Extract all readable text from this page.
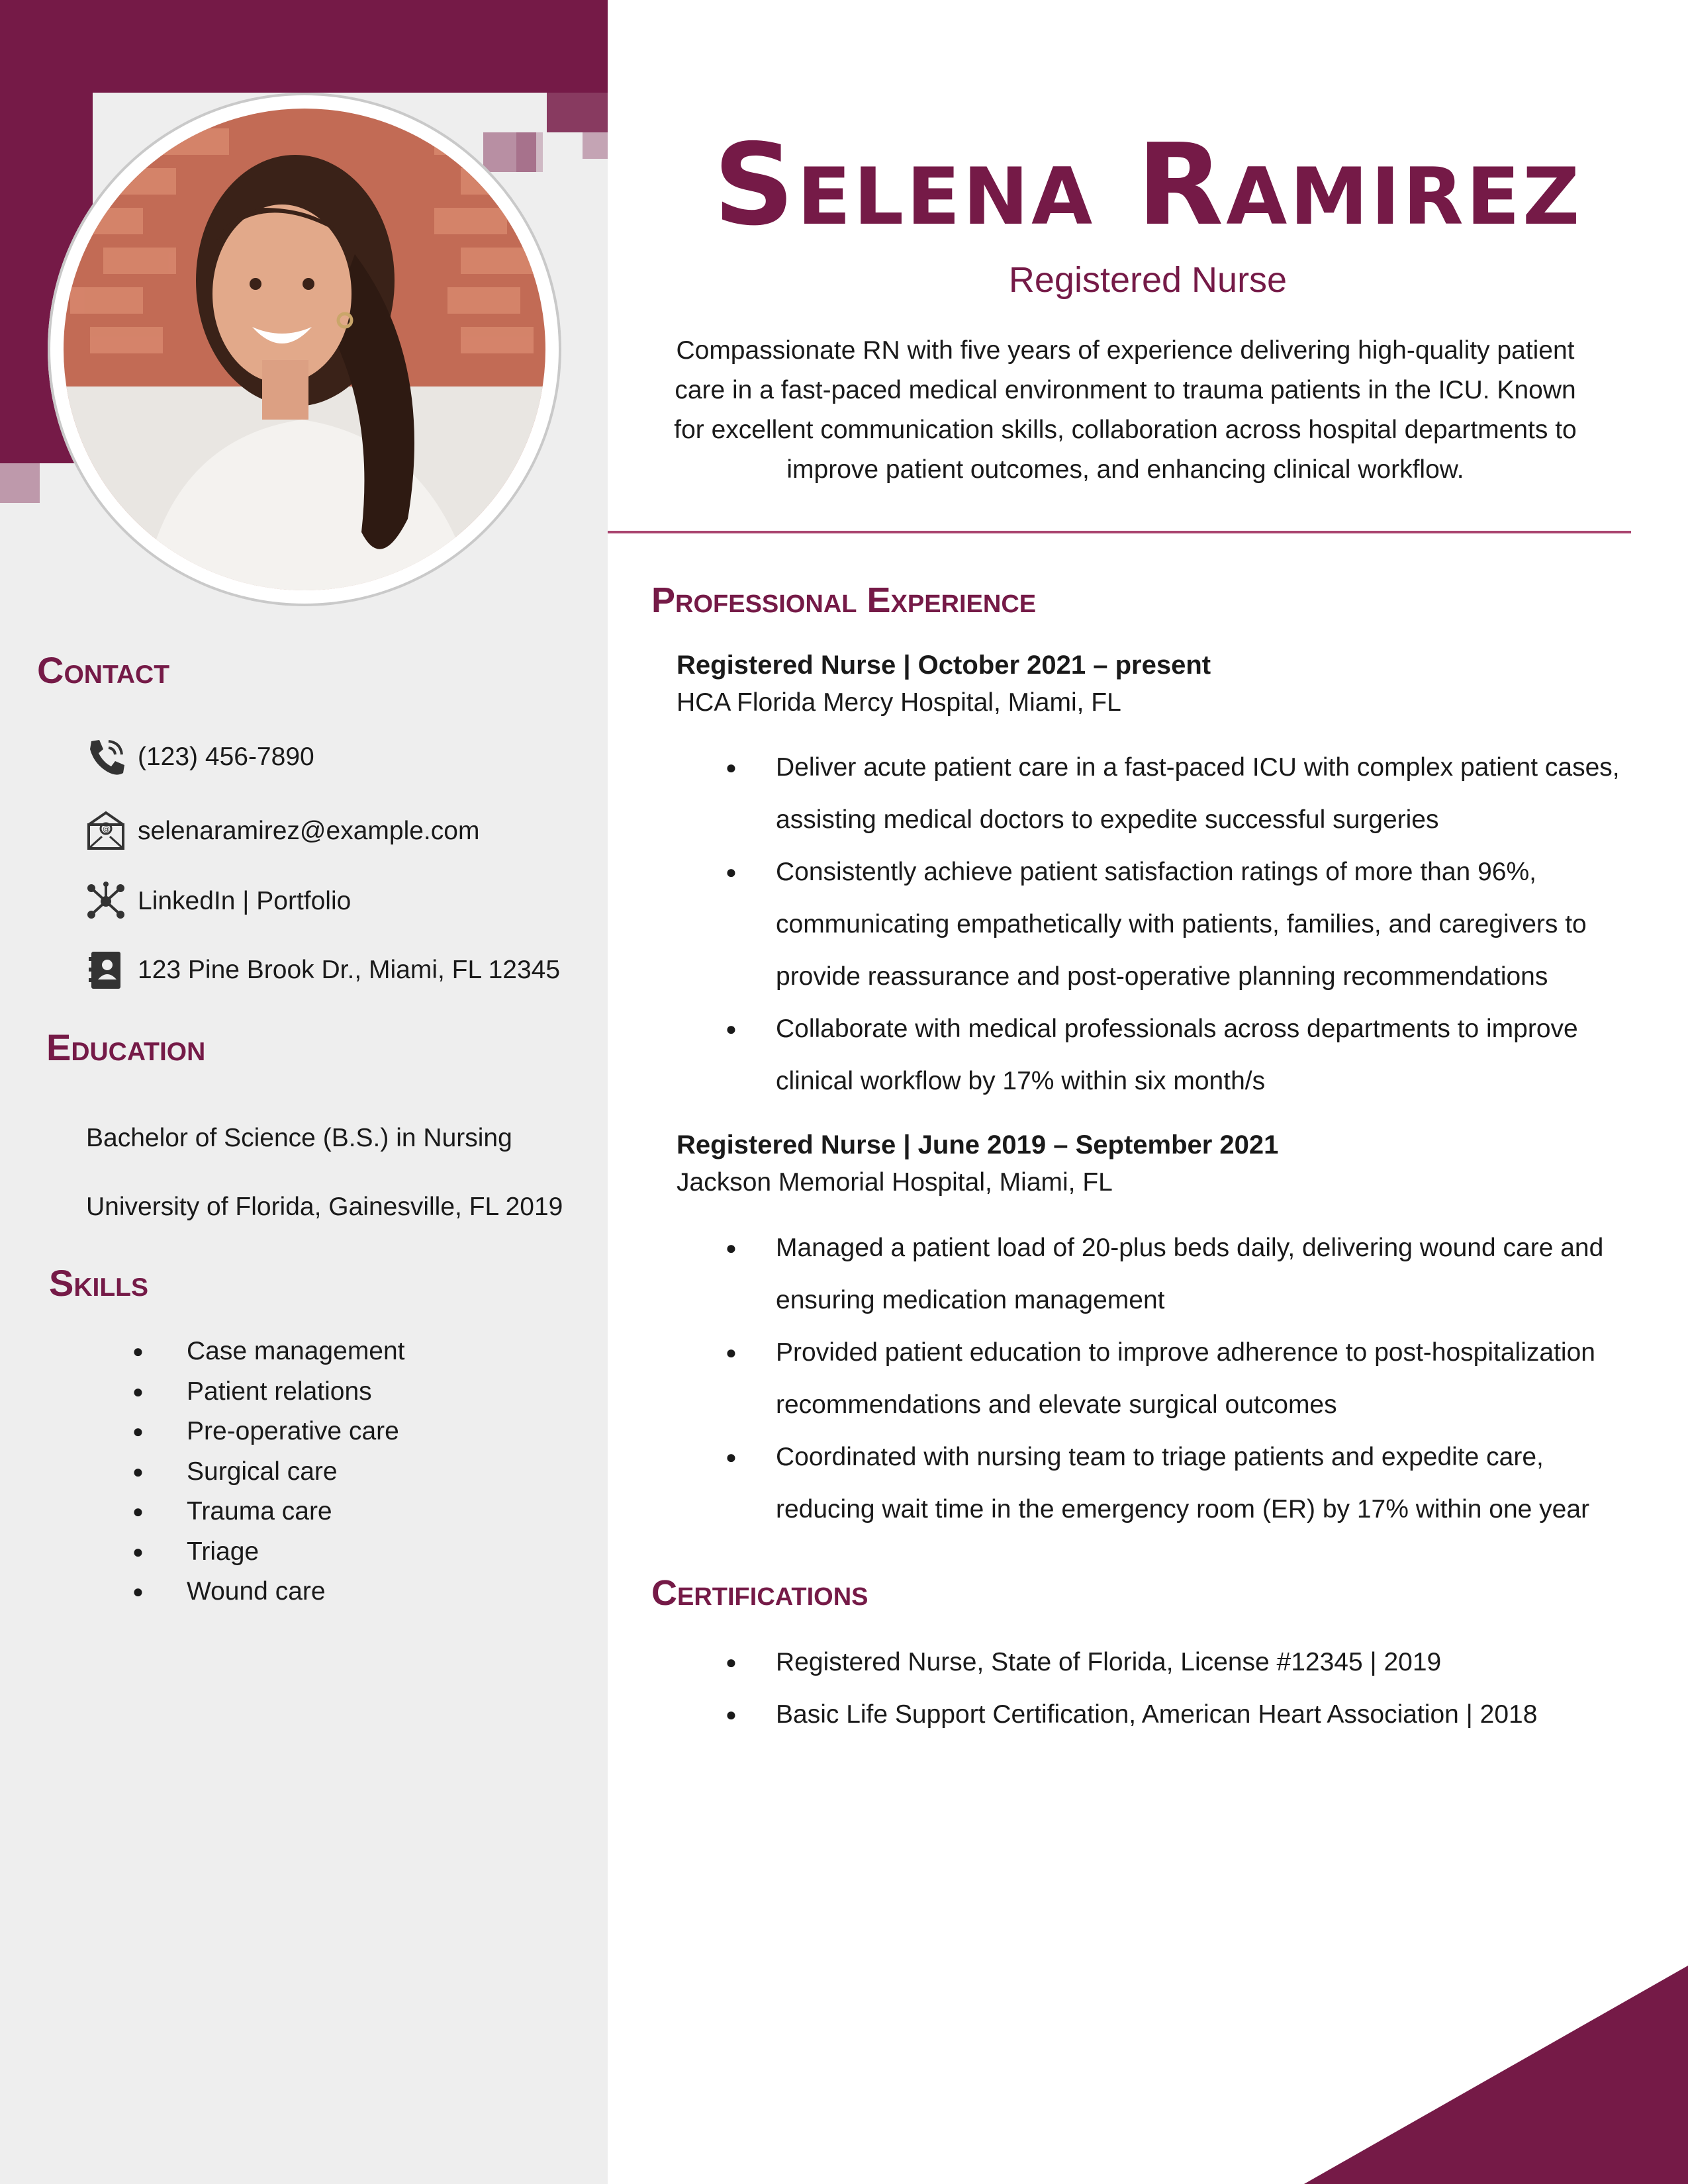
Contact
(123) 456-7890
@ selenaramirez@example.com
LinkedIn | Portfolio
123 Pine Brook Dr., Miami, FL 12345
Education
Bachelor of Science (B.S.) in Nursing
University of Florida, Gainesville, FL 2019
Skills
● Case management
● Patient relations
● Pre-operative care
● Surgical care
● Trauma care
● Triage
● Wound care
Selena Ramirez

Registered Nurse

Compassionate RN with five years of experience delivering high-quality patient care in a fast-paced medical environment to trauma patients in the ICU. Known for excellent communication skills, collaboration across hospital departments to improve patient outcomes, and enhancing clinical workflow.

Professional Experience

Registered Nurse | October 2021 – present

HCA Florida Mercy Hospital, Miami, FL

● Deliver acute patient care in a fast-paced ICU with complex patient cases, assisting medical doctors to expedite successful surgeries
● Consistently achieve patient satisfaction ratings of more than 96%, communicating empathetically with patients, families, and caregivers to provide reassurance and post-operative planning recommendations
● Collaborate with medical professionals across departments to improve clinical workflow by 17% within six month/s

Registered Nurse | June 2019 – September 2021

Jackson Memorial Hospital, Miami, FL

● Managed a patient load of 20-plus beds daily, delivering wound care and ensuring medication management
● Provided patient education to improve adherence to post-hospitalization recommendations and elevate surgical outcomes
● Coordinated with nursing team to triage patients and expedite care, reducing wait time in the emergency room (ER) by 17% within one year
Certifications
● Registered Nurse, State of Florida, License #12345 | 2019
● Basic Life Support Certification, American Heart Association | 2018
